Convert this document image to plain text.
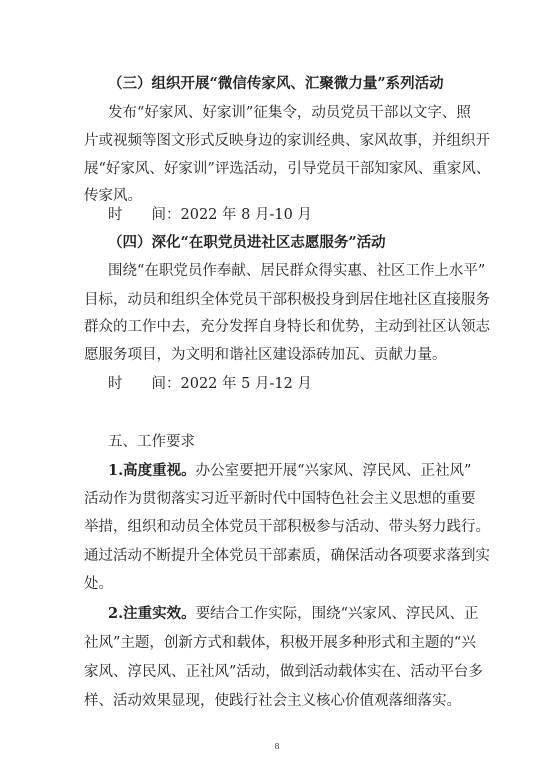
（三）组织开展“微信传家风、汇聚微力量”系列活动
发布“好家风、好家训”征集令，动员党员干部以文字、照
片或视频等图文形式反映身边的家训经典、家风故事，并组织开
展“好家风、好家训”评选活动，引导党员干部知家风、重家风、
传家风。
时　　间：2022 年 8 月-10 月
（四）深化“在职党员进社区志愿服务”活动
围绕“在职党员作奉献、居民群众得实惠、社区工作上水平”
目标，动员和组织全体党员干部积极投身到居住地社区直接服务
群众的工作中去，充分发挥自身特长和优势，主动到社区认领志
愿服务项目，为文明和谐社区建设添砖加瓦、贡献力量。
时　　间：2022 年 5 月-12 月
五、工作要求
1.高度重视。办公室要把开展“兴家风、淳民风、正社风”
活动作为贯彻落实习近平新时代中国特色社会主义思想的重要
举措，组织和动员全体党员干部积极参与活动、带头努力践行。
通过活动不断提升全体党员干部素质，确保活动各项要求落到实
处。
2.注重实效。要结合工作实际，围绕“兴家风、淳民风、正
社风”主题，创新方式和载体，积极开展多种形式和主题的“兴
家风、淳民风、正社风”活动，做到活动载体实在、活动平台多
样、活动效果显现，使践行社会主义核心价值观落细落实。
8
